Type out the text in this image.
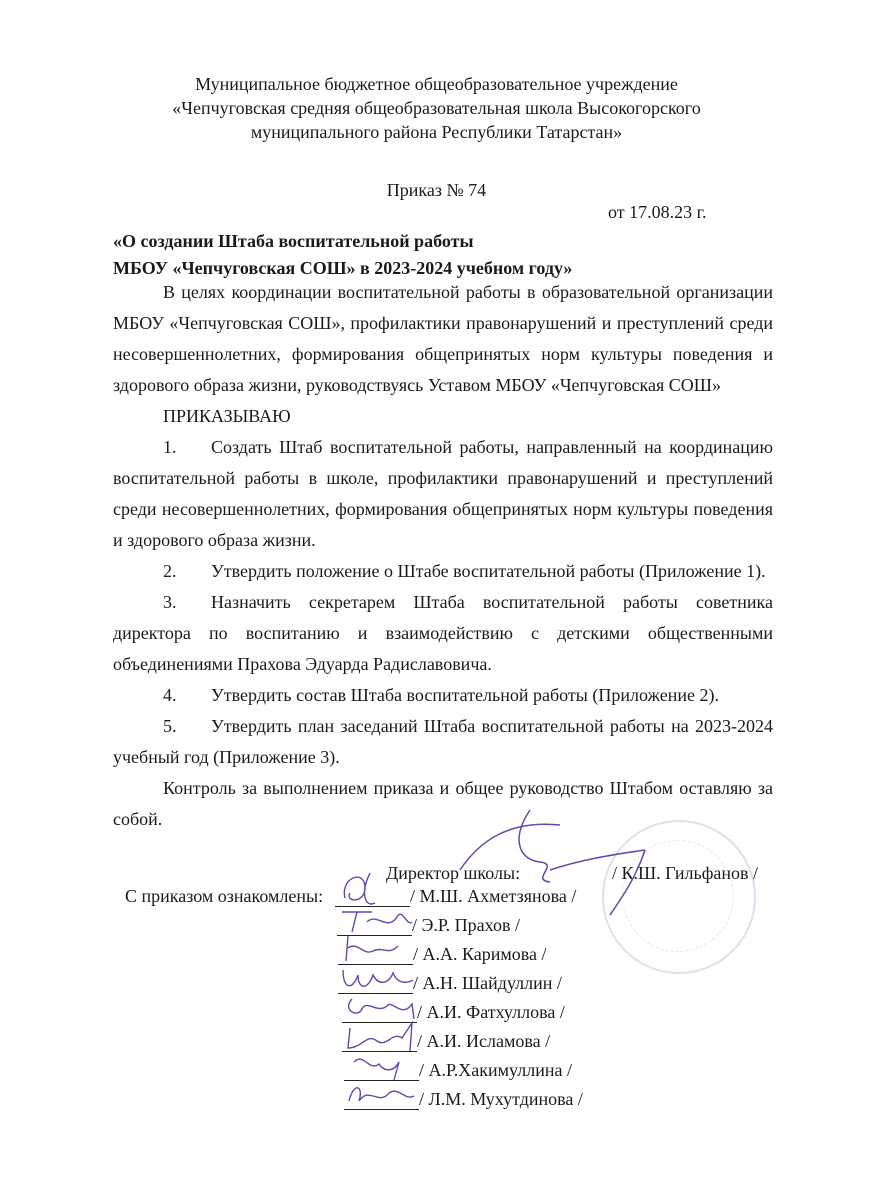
Муниципальное бюджетное общеобразовательное учреждение
«Чепчуговская средняя общеобразовательная школа Высокогорского
муниципального района Республики Татарстан»
Приказ № 74
от 17.08.23 г.
«О создании Штаба воспитательной работы
МБОУ «Чепчуговская СОШ» в 2023-2024 учебном году»

В целях координации воспитательной работы в образовательной организации МБОУ «Чепчуговская СОШ», профилактики правонарушений и преступлений среди несовершеннолетних, формирования общепринятых норм культуры поведения и здорового образа жизни, руководствуясь Уставом МБОУ «Чепчуговская СОШ»

ПРИКАЗЫВАЮ

1. Создать Штаб воспитательной работы, направленный на координацию воспитательной работы в школе, профилактики правонарушений и преступлений среди несовершеннолетних, формирования общепринятых норм культуры поведения и здорового образа жизни.

2. Утвердить положение о Штабе воспитательной работы (Приложение 1).

3. Назначить секретарем Штаба воспитательной работы советника директора по воспитанию и взаимодействию с детскими общественными объединениями Прахова Эдуарда Радиславовича.

4. Утвердить состав Штаба воспитательной работы (Приложение 2).

5. Утвердить план заседаний Штаба воспитательной работы на 2023-2024 учебный год (Приложение 3).

Контроль за выполнением приказа и общее руководство Штабом оставляю за собой.

Директор школы:	/ К.Ш. Гильфанов /
С приказом ознакомлены:	/ М.Ш. Ахметзянова /
/ Э.Р. Прахов /
/ А.А. Каримова /
/ А.Н. Шайдуллин /
/ А.И. Фатхуллова /
/ А.И. Исламова /
/ А.Р.Хакимуллина /
/ Л.М. Мухутдинова /
